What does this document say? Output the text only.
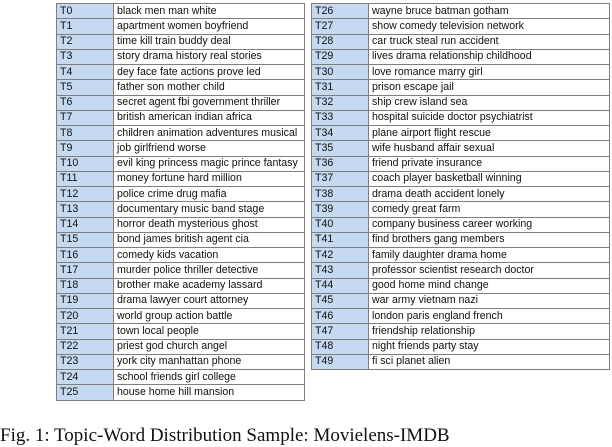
T0	black men man white
T1	apartment women boyfriend
T2	time kill train buddy deal
T3	story drama history real stories
T4	dey face fate actions prove led
T5	father son mother child
T6	secret agent fbi government thriller
T7	british american indian africa
T8	children animation adventures musical
T9	job girlfriend worse
T10	evil king princess magic prince fantasy
T11	money fortune hard million
T12	police crime drug mafia
T13	documentary music band stage
T14	horror death mysterious ghost
T15	bond james british agent cia
T16	comedy kids vacation
T17	murder police thriller detective
T18	brother make academy lassard
T19	drama lawyer court attorney
T20	world group action battle
T21	town local people
T22	priest god church angel
T23	york city manhattan phone
T24	school friends girl college
T25	house home hill mansion
T26	wayne bruce batman gotham
T27	show comedy television network
T28	car truck steal run accident
T29	lives drama relationship childhood
T30	love romance marry girl
T31	prison escape jail
T32	ship crew island sea
T33	hospital suicide doctor psychiatrist
T34	plane airport flight rescue
T35	wife husband affair sexual
T36	friend private insurance
T37	coach player basketball winning
T38	drama death accident lonely
T39	comedy great farm
T40	company business career working
T41	find brothers gang members
T42	family daughter drama home
T43	professor scientist research doctor
T44	good home mind change
T45	war army vietnam nazi
T46	london paris england french
T47	friendship relationship
T48	night friends party stay
T49	fi sci planet alien
Fig. 1: Topic-Word Distribution Sample: Movielens-IMDB
